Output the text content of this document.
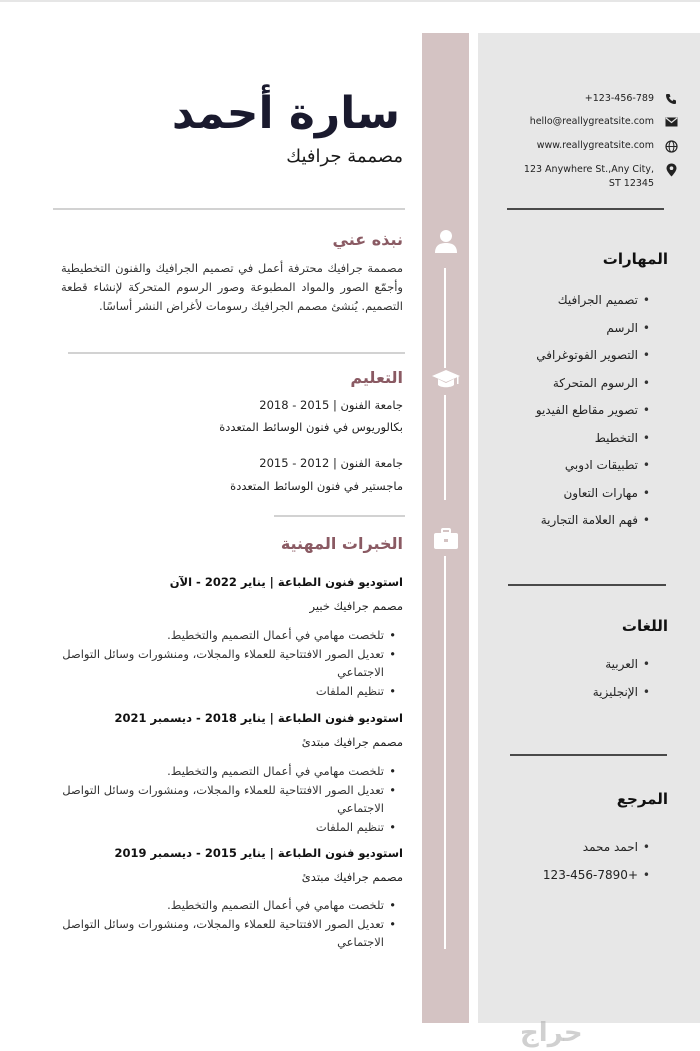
سارة أحمد
مصممة جرافيك
نبذه عني
مصممة جرافيك محترفة أعمل في تصميم الجرافيك والفنون التخطيطية وأجمّع الصور والمواد المطبوعة وصور الرسوم المتحركة لإنشاء قطعة التصميم. يُنشئ مصمم الجرافيك رسومات لأغراض النشر أساسًا.
التعليم
جامعة الفنون | 2015 - 2018
بكالوريوس في فنون الوسائط المتعددة
جامعة الفنون | 2012 - 2015
ماجستير في فنون الوسائط المتعددة
الخبرات المهنية
استوديو فنون الطباعة | يناير 2022 - الآن
مصمم جرافيك خبير
• تلخصت مهامي في أعمال التصميم والتخطيط.
• تعديل الصور الافتتاحية للعملاء والمجلات، ومنشورات وسائل التواصل الاجتماعي
• تنظيم الملفات
استوديو فنون الطباعة | يناير 2018 - ديسمبر 2021
مصمم جرافيك مبتدئ
• تلخصت مهامي في أعمال التصميم والتخطيط.
• تعديل الصور الافتتاحية للعملاء والمجلات، ومنشورات وسائل التواصل الاجتماعي
• تنظيم الملفات
استوديو فنون الطباعة | يناير 2015 - ديسمبر 2019
مصمم جرافيك مبتدئ
• تلخصت مهامي في أعمال التصميم والتخطيط.
• تعديل الصور الافتتاحية للعملاء والمجلات، ومنشورات وسائل التواصل الاجتماعي
+123-456-789
hello@reallygreatsite.com
www.reallygreatsite.com
123 Anywhere St.,Any City, ST 12345
المهارات
• تصميم الجرافيك
• الرسم
• التصوير الفوتوغرافي
• الرسوم المتحركة
• تصوير مقاطع الفيديو
• التخطيط
• تطبيقات ادوبي
• مهارات التعاون
• فهم العلامة التجارية
اللغات
• العربية
• الإنجليزية
المرجع
• احمد محمد
• +123-456-7890
حراج
